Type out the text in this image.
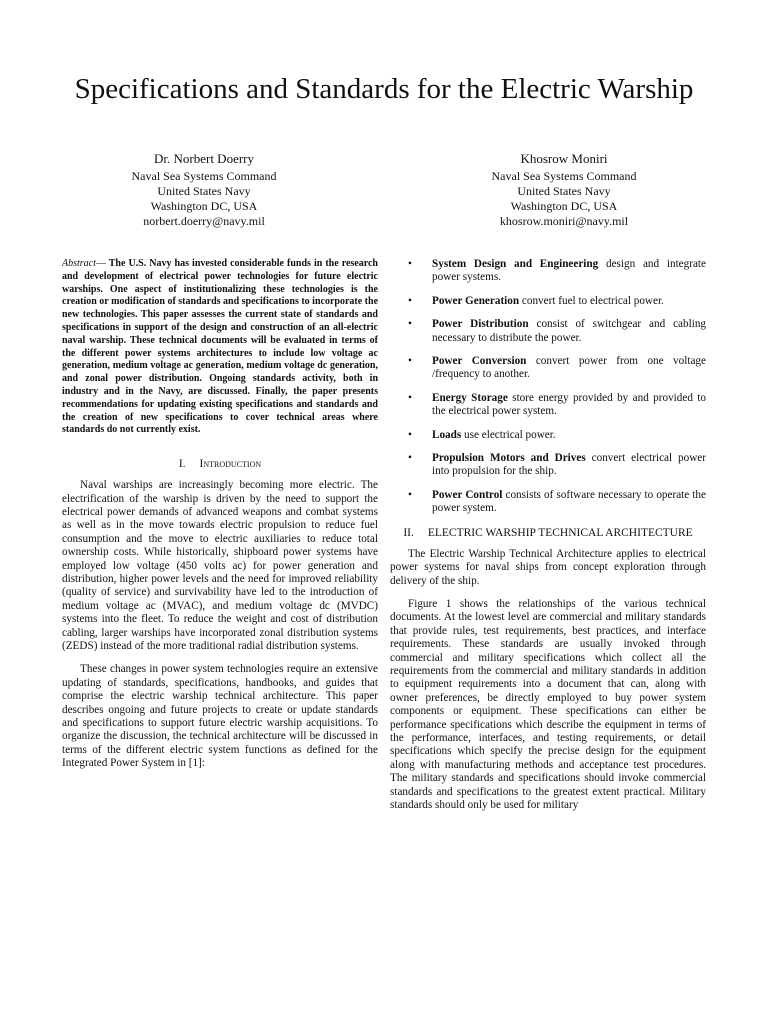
Specifications and Standards for the Electric Warship
Dr. Norbert Doerry
Naval Sea Systems Command
United States Navy
Washington DC, USA
norbert.doerry@navy.mil
Khosrow Moniri
Naval Sea Systems Command
United States Navy
Washington DC, USA
khosrow.moniri@navy.mil

Abstract— The U.S. Navy has invested considerable funds in the research and development of electrical power technologies for future electric warships. One aspect of institutionalizing these technologies is the creation or modification of standards and specifications to incorporate the new technologies. This paper assesses the current state of standards and specifications in support of the design and construction of an all-electric naval warship. These technical documents will be evaluated in terms of the different power systems architectures to include low voltage ac generation, medium voltage ac generation, medium voltage dc generation, and zonal power distribution. Ongoing standards activity, both in industry and in the Navy, are discussed. Finally, the paper presents recommendations for updating existing specifications and standards and the creation of new specifications to cover technical areas where standards do not currently exist.

I. Introduction

Naval warships are increasingly becoming more electric. The electrification of the warship is driven by the need to support the electrical power demands of advanced weapons and combat systems as well as in the move towards electric propulsion to reduce fuel consumption and the move to electric auxiliaries to reduce total ownership costs. While historically, shipboard power systems have employed low voltage (450 volts ac) for power generation and distribution, higher power levels and the need for improved reliability (quality of service) and survivability have led to the introduction of medium voltage ac (MVAC), and medium voltage dc (MVDC) systems into the fleet. To reduce the weight and cost of distribution cabling, larger warships have incorporated zonal distribution systems (ZEDS) instead of the more traditional radial distribution systems.

These changes in power system technologies require an extensive updating of standards, specifications, handbooks, and guides that comprise the electric warship technical architecture. This paper describes ongoing and future projects to create or update standards and specifications to support future electric warship acquisitions. To organize the discussion, the technical architecture will be discussed in terms of the different electric system functions as defined for the Integrated Power System in [1]:

• System Design and Engineering design and integrate power systems.
• Power Generation convert fuel to electrical power.
• Power Distribution consist of switchgear and cabling necessary to distribute the power.
• Power Conversion convert power from one voltage /frequency to another.
• Energy Storage store energy provided by and provided to the electrical power system.
• Loads use electrical power.
• Propulsion Motors and Drives convert electrical power into propulsion for the ship.
• Power Control consists of software necessary to operate the power system.
II. ELECTRIC WARSHIP TECHNICAL ARCHITECTURE

The Electric Warship Technical Architecture applies to electrical power systems for naval ships from concept exploration through delivery of the ship.

Figure 1 shows the relationships of the various technical documents. At the lowest level are commercial and military standards that provide rules, test requirements, best practices, and interface requirements. These standards are usually invoked through commercial and military specifications which collect all the requirements from the commercial and military standards in addition to equipment requirements into a document that can, along with owner preferences, be directly employed to buy power system components or equipment. These specifications can either be performance specifications which describe the equipment in terms of the performance, interfaces, and testing requirements, or detail specifications which specify the precise design for the equipment along with manufacturing methods and acceptance test procedures. The military standards and specifications should invoke commercial standards and specifications to the greatest extent practical. Military standards should only be used for military
